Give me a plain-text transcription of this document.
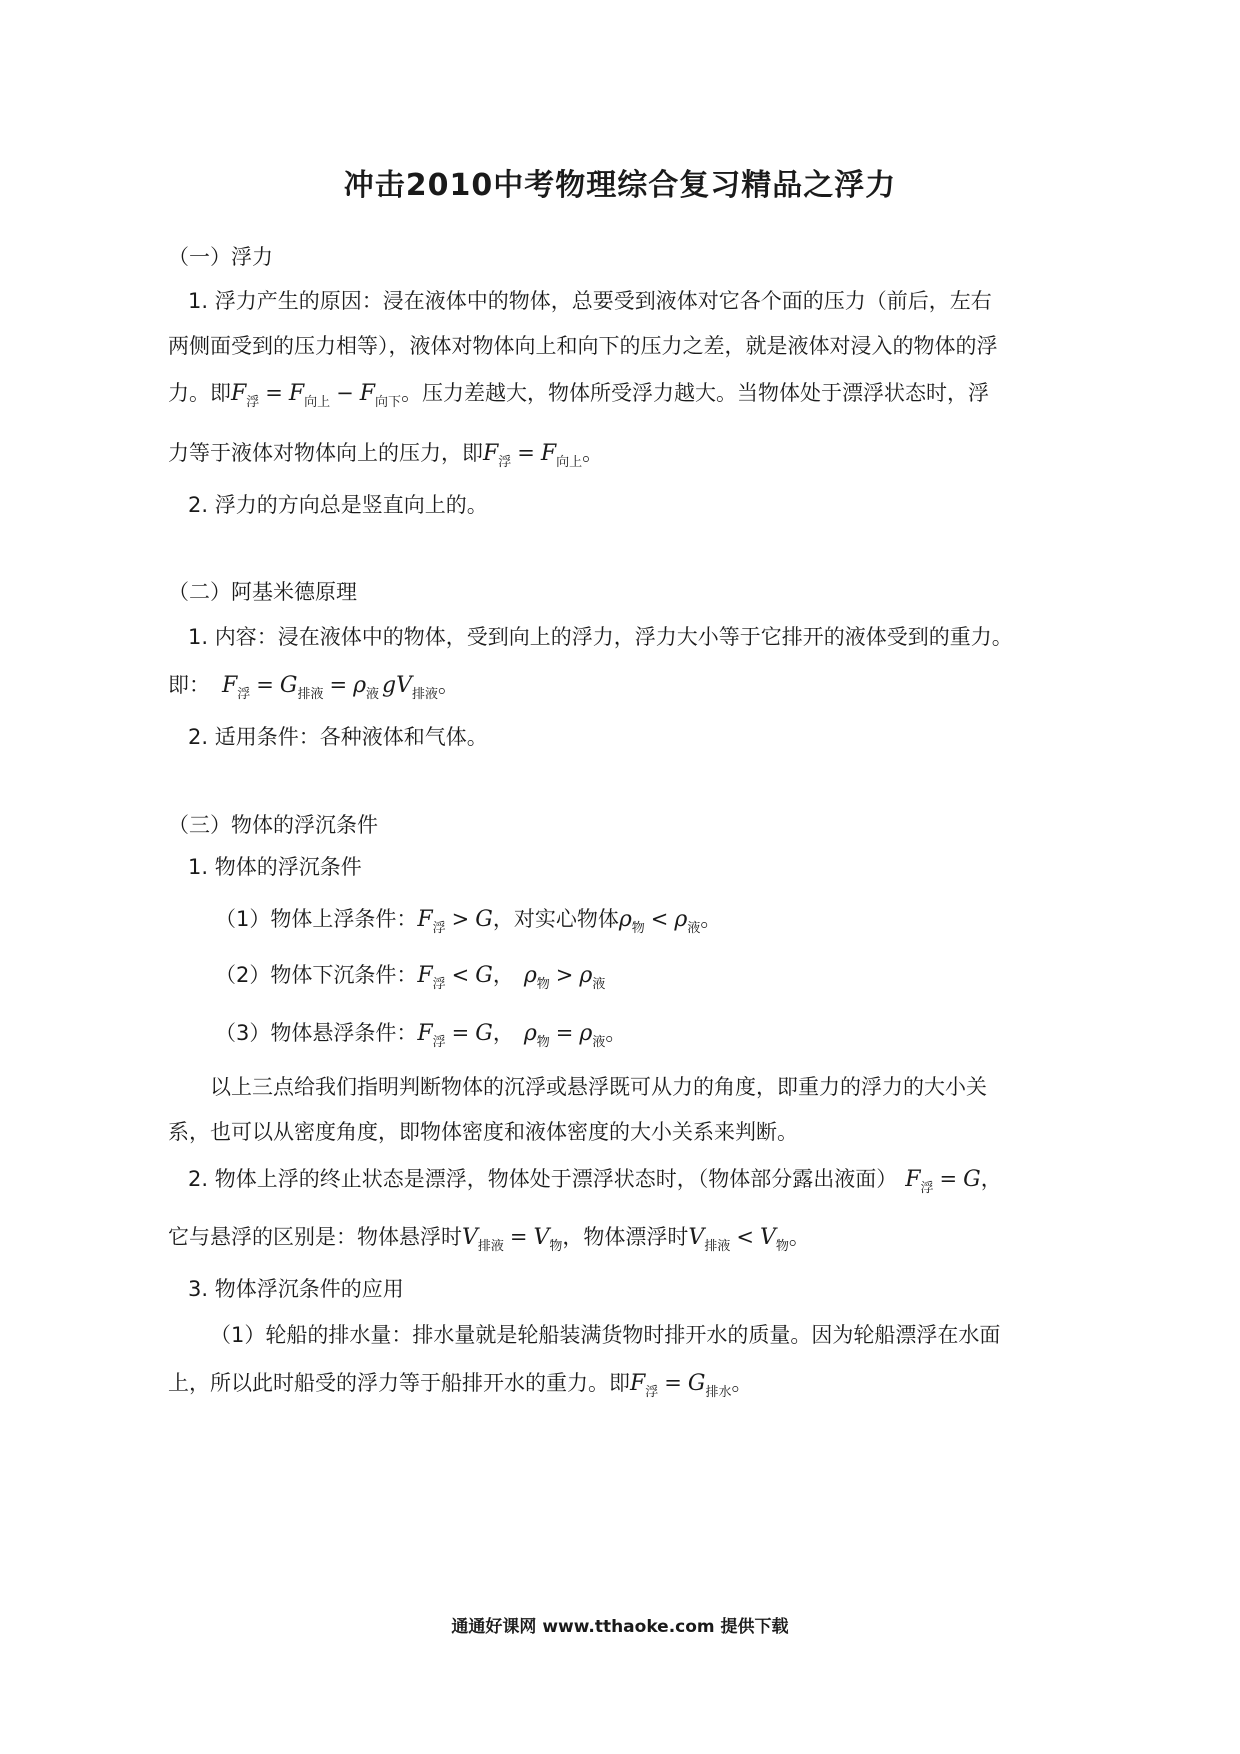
冲击2010中考物理综合复习精品之浮力
（一）浮力
1. 浮力产生的原因：浸在液体中的物体，总要受到液体对它各个面的压力（前后，左右
两侧面受到的压力相等），液体对物体向上和向下的压力之差，就是液体对浸入的物体的浮
力。即$F_浮 = F_{向上} - F_{向下}$。压力差越大，物体所受浮力越大。当物体处于漂浮状态时，浮
力等于液体对物体向上的压力，即$F_浮 = F_{向上}$。
2. 浮力的方向总是竖直向上的。
（二）阿基米德原理
1. 内容：浸在液体中的物体，受到向上的浮力，浮力大小等于它排开的液体受到的重力。
即： $F_浮 = G_{排液} = \rho_液$ $gV_{排液}$。
2. 适用条件：各种液体和气体。
（三）物体的浮沉条件
1. 物体的浮沉条件
（1）物体上浮条件：$F_浮 > G$，对实心物体$\rho_物 < \rho_液$。
（2）物体下沉条件：$F_浮 < G$， $\rho_物 > \rho_液$
（3）物体悬浮条件：$F_浮 = G$， $\rho_物 = \rho_液$。
以上三点给我们指明判断物体的沉浮或悬浮既可从力的角度，即重力的浮力的大小关
系，也可以从密度角度，即物体密度和液体密度的大小关系来判断。
2. 物体上浮的终止状态是漂浮，物体处于漂浮状态时，（物体部分露出液面） $F_浮 = G$，
它与悬浮的区别是：物体悬浮时$V_{排液} = V_物$，物体漂浮时$V_{排液} < V_物$。
3. 物体浮沉条件的应用
（1）轮船的排水量：排水量就是轮船装满货物时排开水的质量。因为轮船漂浮在水面
上，所以此时船受的浮力等于船排开水的重力。即$F_浮 = G_{排水}$。
通通好课网 www.tthaoke.com 提供下载
